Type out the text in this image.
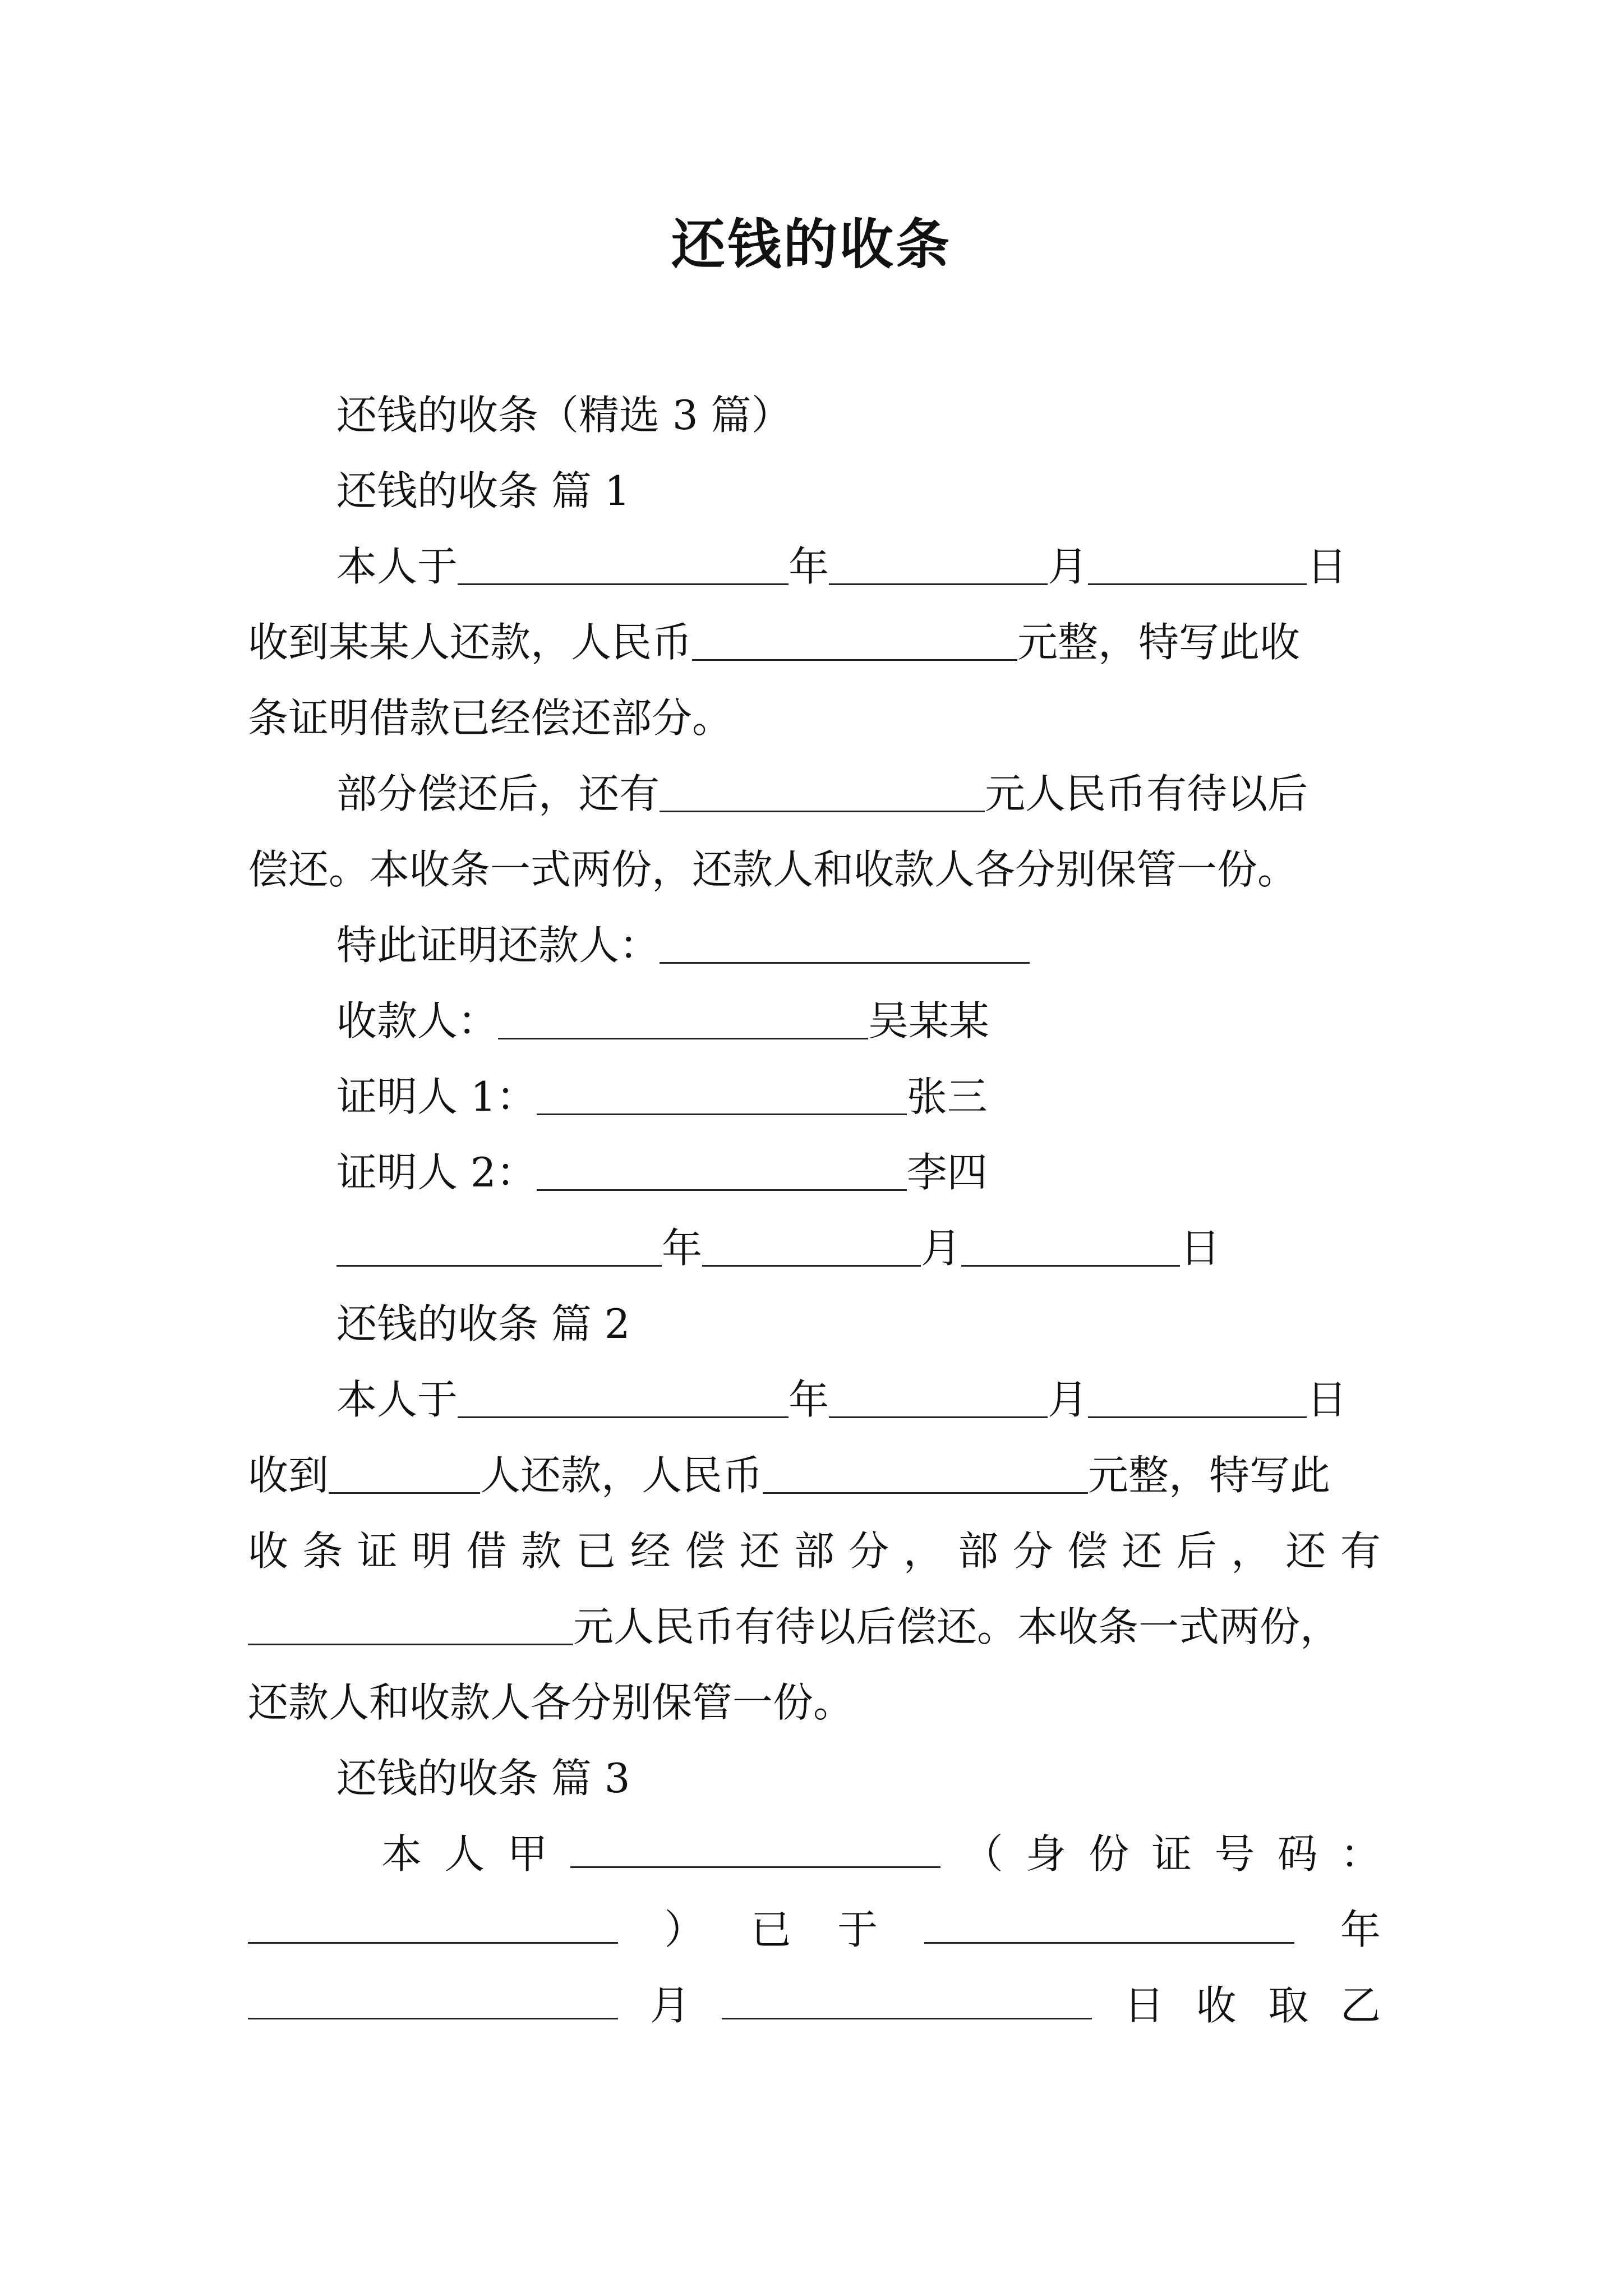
还钱的收条
还钱的收条（精选 3 篇）
还钱的收条 篇 1
本人于	年	月	日
收到某某人还款，人民币	元整，特写此收
条证明借款已经偿还部分。
部分偿还后，还有	元人民币有待以后
偿还。本收条一式两份，还款人和收款人各分别保管一份。
特此证明还款人：
收款人：	吴某某
证明人 1：	张三
证明人 2：	李四
年	月	日
还钱的收条 篇 2
本人于	年	月	日
收到	人还款，人民币	元整，特写此
收 条 证 明 借 款 已 经 偿 还 部 分 ， 部 分 偿 还 后 ， 还 有
元人民币有待以后偿还。本收条一式两份，
还款人和收款人各分别保管一份。
还钱的收条 篇 3
本 人 甲	（ 身 份 证 号 码 ：
） 已 于	年
月	日 收 取 乙
